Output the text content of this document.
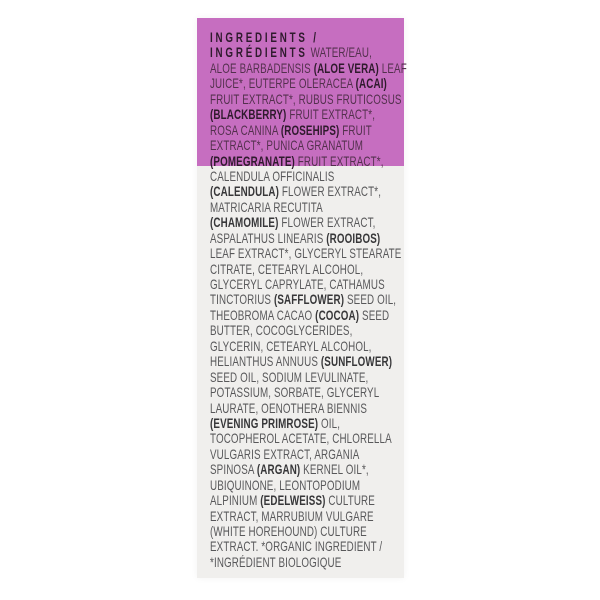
INGREDIENTS /
INGRÉDIENTS WATER/EAU,
ALOE BARBADENSIS (ALOE VERA) LEAF
JUICE*, EUTERPE OLERACEA (ACAI)
FRUIT EXTRACT*, RUBUS FRUTICOSUS
(BLACKBERRY) FRUIT EXTRACT*,
ROSA CANINA (ROSEHIPS) FRUIT
EXTRACT*, PUNICA GRANATUM
(POMEGRANATE) FRUIT EXTRACT*,
CALENDULA OFFICINALIS
(CALENDULA) FLOWER EXTRACT*,
MATRICARIA RECUTITA
(CHAMOMILE) FLOWER EXTRACT,
ASPALATHUS LINEARIS (ROOIBOS)
LEAF EXTRACT*, GLYCERYL STEARATE
CITRATE, CETEARYL ALCOHOL,
GLYCERYL CAPRYLATE, CATHAMUS
TINCTORIUS (SAFFLOWER) SEED OIL,
THEOBROMA CACAO (COCOA) SEED
BUTTER, COCOGLYCERIDES,
GLYCERIN, CETEARYL ALCOHOL,
HELIANTHUS ANNUUS (SUNFLOWER)
SEED OIL, SODIUM LEVULINATE,
POTASSIUM, SORBATE, GLYCERYL
LAURATE, OENOTHERA BIENNIS
(EVENING PRIMROSE) OIL,
TOCOPHEROL ACETATE, CHLORELLA
VULGARIS EXTRACT, ARGANIA
SPINOSA (ARGAN) KERNEL OIL*,
UBIQUINONE, LEONTOPODIUM
ALPINIUM (EDELWEISS) CULTURE
EXTRACT, MARRUBIUM VULGARE
(WHITE HOREHOUND) CULTURE
EXTRACT. *ORGANIC INGREDIENT /
*INGRÉDIENT BIOLOGIQUE
